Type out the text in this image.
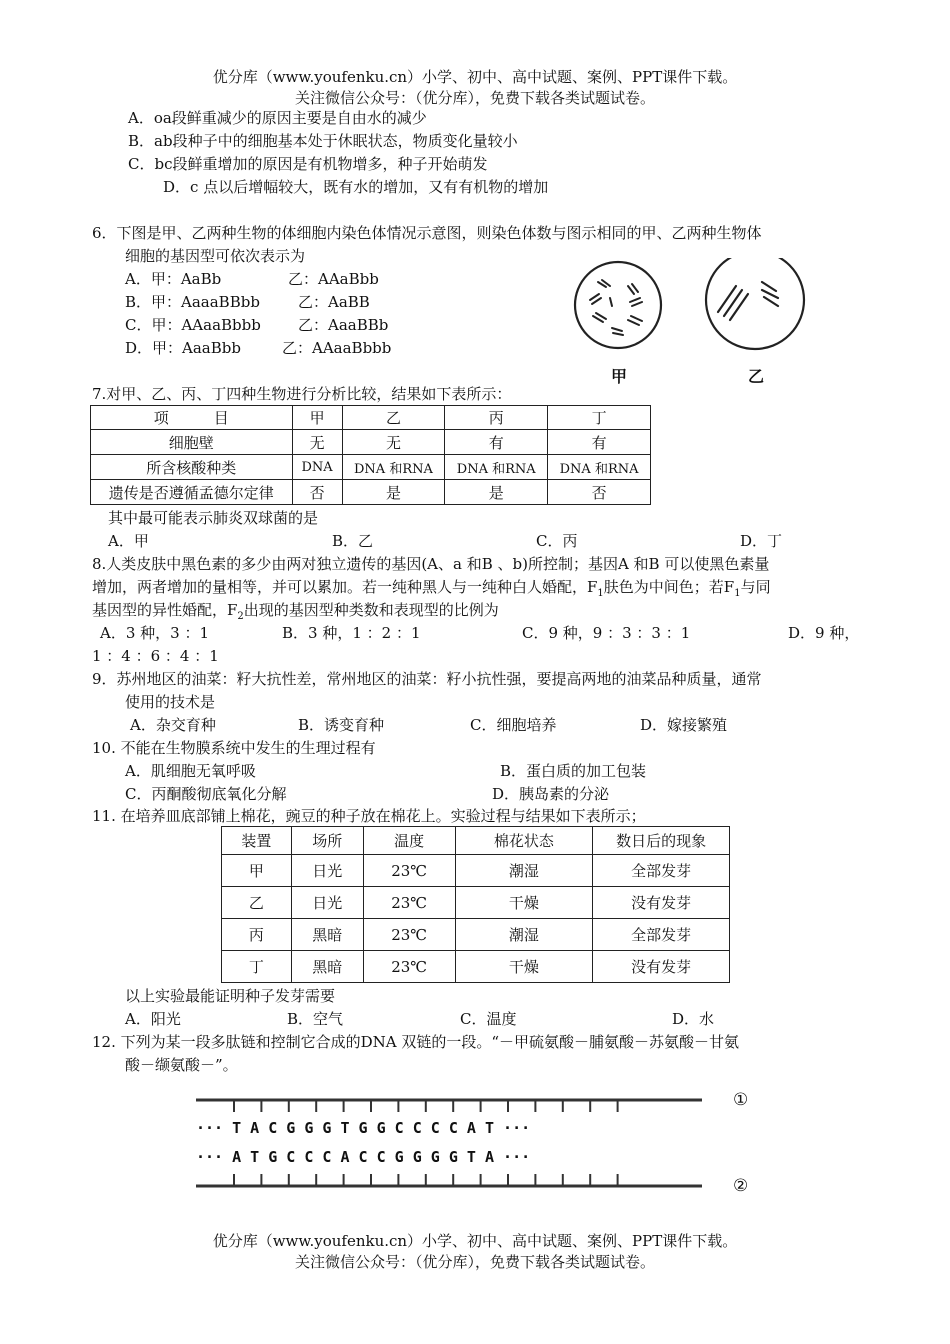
优分库（www.youfenku.cn）小学、初中、高中试题、案例、PPT课件下载。
关注微信公众号：（优分库），免费下载各类试题试卷。
A．oa段鲜重减少的原因主要是自由水的减少
B．ab段种子中的细胞基本处于休眠状态，物质变化量较小
C．bc段鲜重增加的原因是有机物增多，种子开始萌发
D．c 点以后增幅较大，既有水的增加，又有有机物的增加
6．下图是甲、乙两种生物的体细胞内染色体情况示意图，则染色体数与图示相同的甲、乙两种生物体
细胞的基因型可依次表示为
A．甲：AaBb	乙：AAaBbb
B．甲：AaaaBBbb	乙：AaBB
C．甲：AAaaBbbb 乙：AaaBBb
D．甲：AaaBbb	乙：AAaaBbbb
甲	乙
7.对甲、乙、丙、丁四种生物进行分析比较，结果如下表所示：
项　　　目	甲	乙	丙	丁
细胞壁	无	无	有	有
所含核酸种类	DNA	DNA 和RNA	DNA 和RNA	DNA 和RNA
遗传是否遵循孟德尔定律	否	是	是	否
其中最可能表示肺炎双球菌的是
A．甲	B．乙	C．丙	D．丁
8.人类皮肤中黑色素的多少由两对独立遗传的基因(A、a 和B 、b)所控制；基因A 和B 可以使黑色素量
增加，两者增加的量相等，并可以累加。若一纯种黑人与一纯种白人婚配，$F_1$肤色为中间色；若$F_1$与同
基因型的异性婚配，$F_2$出现的基因型种类数和表现型的比例为
A．3 种，3 ：1	B．3 种，1 ：2 ：1	C．9 种，9 ：3 ：3 ：1	D．9 种，
1 ：4 ：6 ：4 ：1
9．苏州地区的油菜：籽大抗性差，常州地区的油菜：籽小抗性强，要提高两地的油菜品种质量，通常
使用的技术是
A．杂交育种	B．诱变育种	C．细胞培养	D．嫁接繁殖
10. 不能在生物膜系统中发生的生理过程有
A．肌细胞无氧呼吸	B．蛋白质的加工包装
C．丙酮酸彻底氧化分解	D．胰岛素的分泌
11. 在培养皿底部铺上棉花，豌豆的种子放在棉花上。实验过程与结果如下表所示；
装置	场所	温度	棉花状态	数日后的现象
甲	日光	23℃	潮湿	全部发芽
乙	日光	23℃	干燥	没有发芽
丙	黑暗	23℃	潮湿	全部发芽
丁	黑暗	23℃	干燥	没有发芽
以上实验最能证明种子发芽需要
A．阳光	B．空气	C．温度	D．水
12. 下列为某一段多肽链和控制它合成的DNA 双链的一段。“－甲硫氨酸－脯氨酸－苏氨酸－甘氨
酸－缬氨酸－”。
··· T A C G G G T G G C C C C A T ···
··· A T G C C C A C C G G G G T A ···
①
②
优分库（www.youfenku.cn）小学、初中、高中试题、案例、PPT课件下载。
关注微信公众号：（优分库），免费下载各类试题试卷。
